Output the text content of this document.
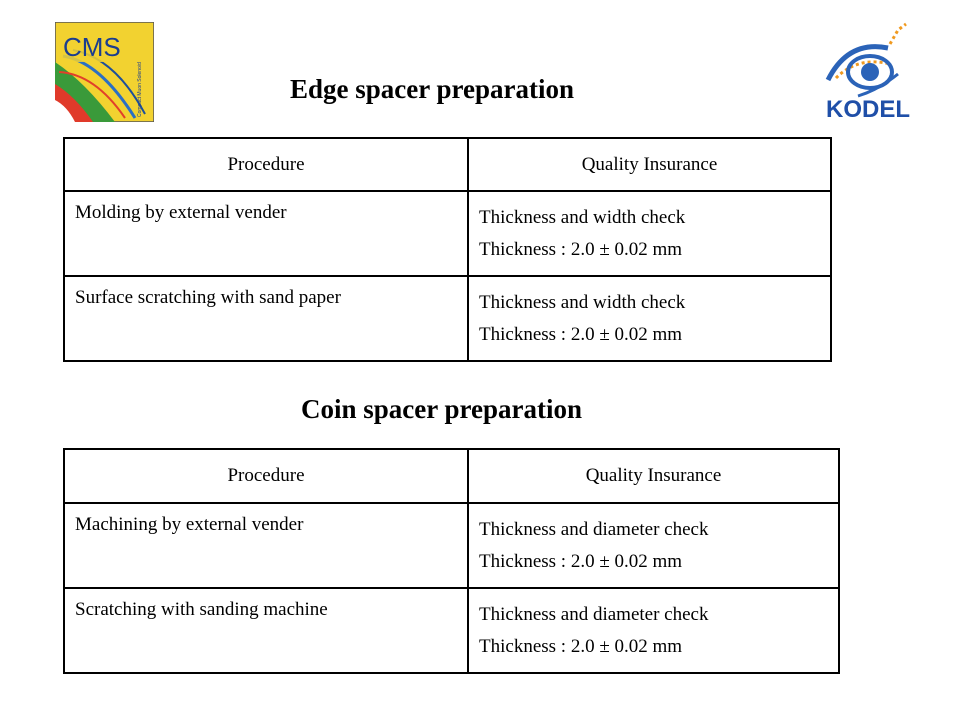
CMS
Compact Muon Solenoid	KODEL
Edge spacer preparation
Procedure	Quality Insurance
Molding by external vender	Thickness and width check
Thickness : 2.0 ± 0.02 mm

Surface scratching with sand paper	Thickness and width check
Thickness : 2.0 ± 0.02 mm
Coin spacer preparation
Procedure	Quality Insurance
Machining by external vender	Thickness and diameter check
Thickness : 2.0 ± 0.02 mm

Scratching with sanding machine	Thickness and diameter check
Thickness : 2.0 ± 0.02 mm
